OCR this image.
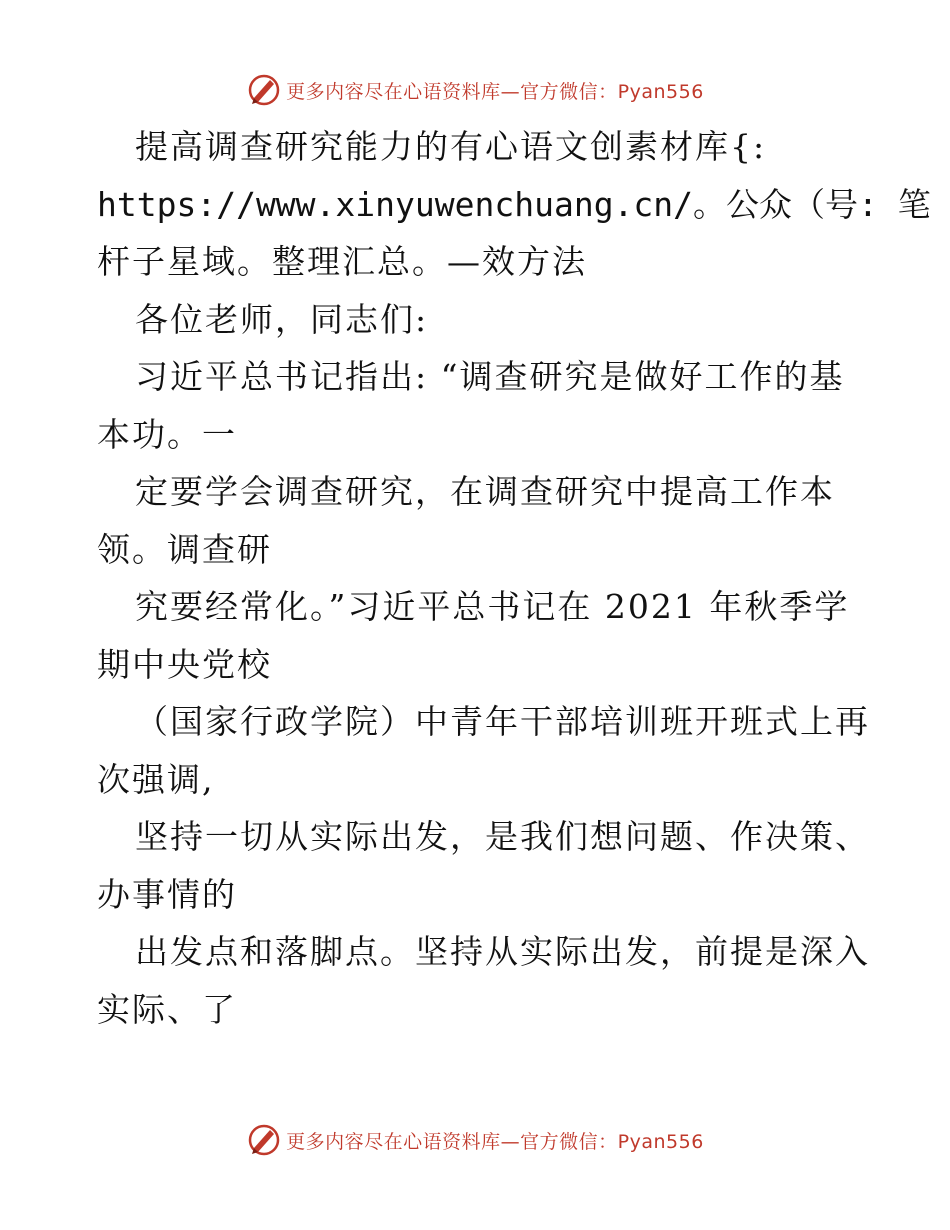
更多内容尽在心语资料库—官方微信：Pyan556
提高调查研究能力的有心语文创素材库{:
https://www.xinyuwenchuang.cn/。公众（号: 笔
杆子星域。整理汇总。—效方法
各位老师，同志们:
习近平总书记指出: “调查研究是做好工作的基
本功。一
定要学会调查研究，在调查研究中提高工作本
领。调查研
究要经常化。”习近平总书记在 2021 年秋季学
期中央党校
（国家行政学院）中青年干部培训班开班式上再
次强调,
坚持一切从实际出发，是我们想问题、作决策、
办事情的
出发点和落脚点。坚持从实际出发，前提是深入
实际、了
更多内容尽在心语资料库—官方微信：Pyan556
